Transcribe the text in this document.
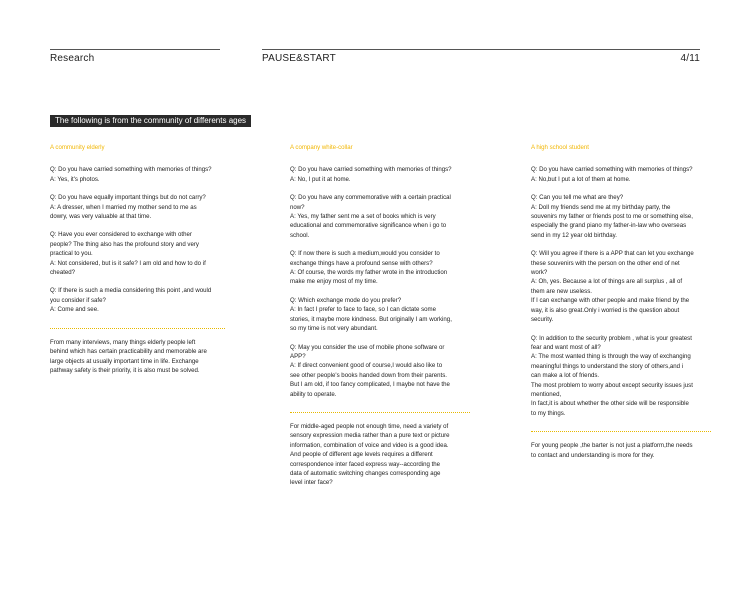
Research	PAUSE&START	4/11
The following is from the community of differents ages
A community elderly

Q: Do you have carried something with memories of things?

A: Yes, it's photos.

Q: Do you have equally important things but do not carry?

A: A dresser, when I married my mother send to me as

dowry, was very valuable at that time.

Q: Have you ever considered to exchange with other

people? The thing also has the profound story and very

practical to you.

A: Not considered, but is it safe? I am old and how to do if

cheated?

Q: If there is such a media considering this point ,and would

you consider if safe?

A: Come and see.

From many interviews, many things elderly people left

behind which has certain practicability and memorable are

large objects at usually important time in life. Exchange

pathway safety is their priority, it is also must be solved.

A company white-collar

Q: Do you have carried something with memories of things?

A: No, I put it at home.

Q: Do you have any commemorative with a certain practical

now?

A: Yes, my father sent me a set of books which is very

educational and commemorative significance when i go to

school.

Q: If now there is such a medium,would you consider to

exchange things have a profound sense with others?

A: Of course, the words my father wrote in the introduction

make me enjoy most of my time.

Q: Which exchange mode do you prefer?

A: In fact I prefer to face to face, so I can dictate some

stories, it maybe more kindness. But originally I am working,

so my time is not very abundant.

Q: May you consider the use of mobile phone software or

APP?

A: If direct convenient good of course,I would also like to

see other people's books handed down from their parents.

But I am old, if too fancy complicated, I maybe not have the

ability to operate.

For middle-aged people not enough time, need a variety of

sensory expression media rather than a pure text or picture

information, combination of voice and video is a good idea.

And people of different age levels requires a different

correspondence inter faced express way--according the

data of automatic switching changes corresponding age

level inter face?

A high school student

Q: Do you have carried something with memories of things?

A: No,but I put a lot of them at home.

Q: Can you tell me what are they?

A: Doll my friends send me at my birthday party, the

souvenirs my father or friends post to me or something else,

especially the grand piano my father-in-law who overseas

send in my 12 year old birthday.

Q: Will you agree if there is a APP that can let you exchange

these souvenirs with the person on the other end of net

work?

A: Oh, yes. Because a lot of things are all surplus , all of

them are new useless.

If I can exchange with other people and make friend by the

way, it is also great.Only i worried is the question about

security.

Q: In addition to the security problem , what is your greatest

fear and want most of all?

A: The most wanted thing is through the way of exchanging

meaningful things to understand the story of others,and i

can make a lot of friends.

The most problem to worry about except security issues just

mentioned,

In fact,it is about whether the other side will be responsible

to my things.

For young people ,the barter is not just a platform,the needs

to contact and understanding is more for they.
